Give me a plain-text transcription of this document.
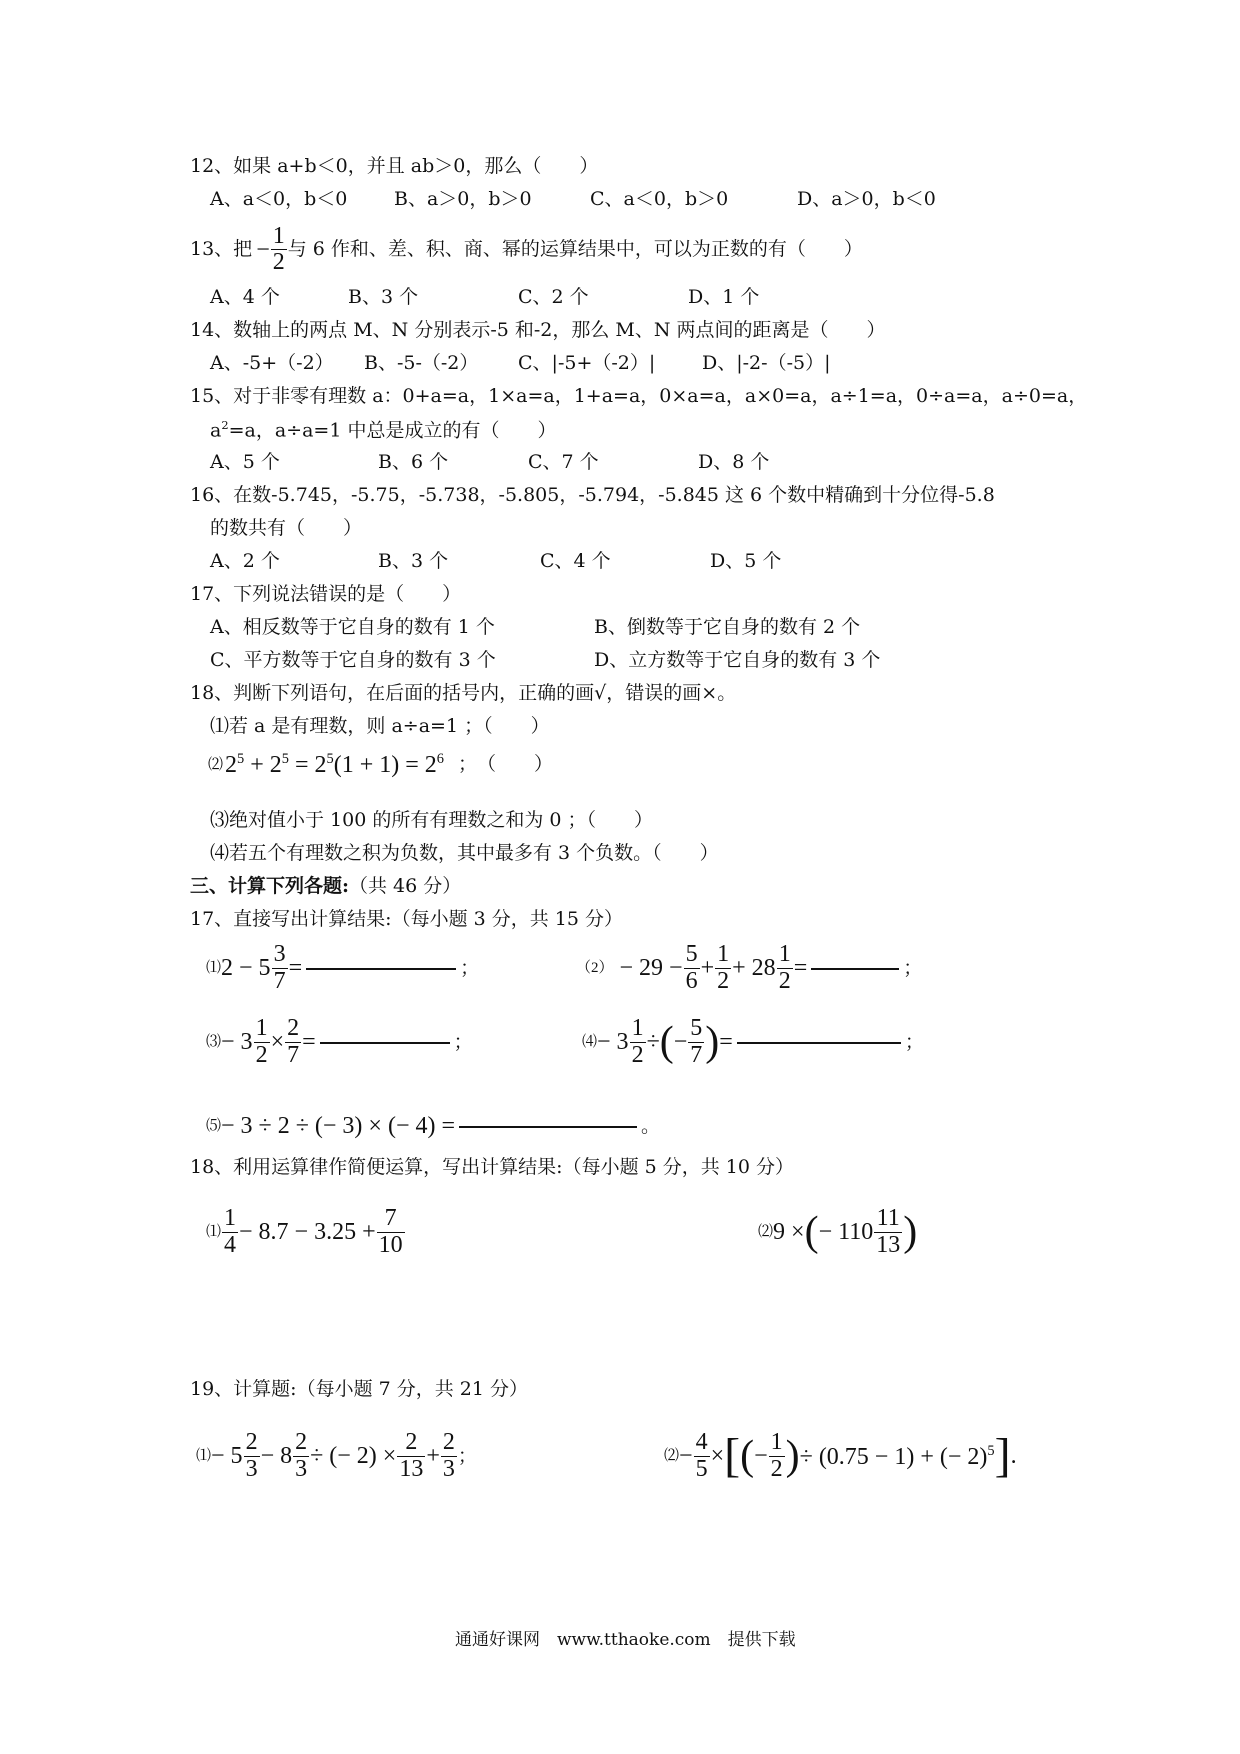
12、如果 a+b＜0，并且 ab＞0，那么（　　）
A、a＜0，b＜0 B、a＞0，b＞0	C、a＜0，b＞0	D、a＞0，b＜0
13、把 − $\frac{1}{2}$ 与 6 作和、差、积、商、幂的运算结果中，可以为正数的有（　　）
A、4 个	B、3 个	C、2 个	D、1 个
14、数轴上的两点 M、N 分别表示-5 和-2，那么 M、N 两点间的距离是（　　）
A、-5+（-2） B、-5-（-2） C、|-5+（-2）| D、|-2-（-5）|
15、对于非零有理数 a：0+a=a，1×a=a，1+a=a，0×a=a，a×0=a，a÷1=a，0÷a=a，a÷0=a，
$a^2=a$，a÷a=1 中总是成立的有（　　）
A、5 个	B、6 个	C、7 个	D、8 个
16、在数-5.745，-5.75，-5.738，-5.805，-5.794，-5.845 这 6 个数中精确到十分位得-5.8
的数共有（　　）
A、2 个	B、3 个	C、4 个	D、5 个
17、下列说法错误的是（　　）
A、相反数等于它自身的数有 1 个	B、倒数等于它自身的数有 2 个
C、平方数等于它自身的数有 3 个	D、立方数等于它自身的数有 3 个
18、判断下列语句，在后面的括号内，正确的画√，错误的画×。
⑴若 a 是有理数，则 a÷a=1 ；（　　）
⑵ $2^5 + 2^5 = 2^5(1 + 1) = 2^6$ ；　（　　）
⑶绝对值小于 100 的所有有理数之和为 0 ；（　　）
⑷若五个有理数之积为负数，其中最多有 3 个负数。（　　）
三、计算下列各题:（共 46 分）
17、直接写出计算结果:（每小题 3 分，共 15 分）
⑴ $2 - 5 \frac{3}{7}$ =	；	$(2) - 29 - \frac{5}{6} + \frac{1}{2} + 28 \frac{1}{2}$ =	；
⑶ − $3 \frac{1}{2} \times \frac{2}{7}$ =	；	⑷ − $3 \frac{1}{2}$ ÷ ( − $\frac{5}{7}$ ) =	；
⑸ − 3 ÷ 2 ÷ (− 3) × (− 4) =	。
18、利用运算律作简便运算，写出计算结果:（每小题 5 分，共 10 分）
⑴ $\frac{1}{4} - 8.7 - 3.25 + \frac{7}{10}$	⑵ 9 × ( − $110 \frac{11}{13}$ )
19、计算题:（每小题 7 分，共 21 分）
⑴ − $5 \frac{2}{3} - 8 \frac{2}{3}$ ÷ (− $2) \times \frac{2}{13} + \frac{2}{3}$ ；	⑵ − $\frac{4}{5}$ × [ ( − $\frac{1}{2}$ ) ÷ (0.75 − 1) + (− 2)$^5$ ] .
通通好课网　www.tthaoke.com　提供下载
